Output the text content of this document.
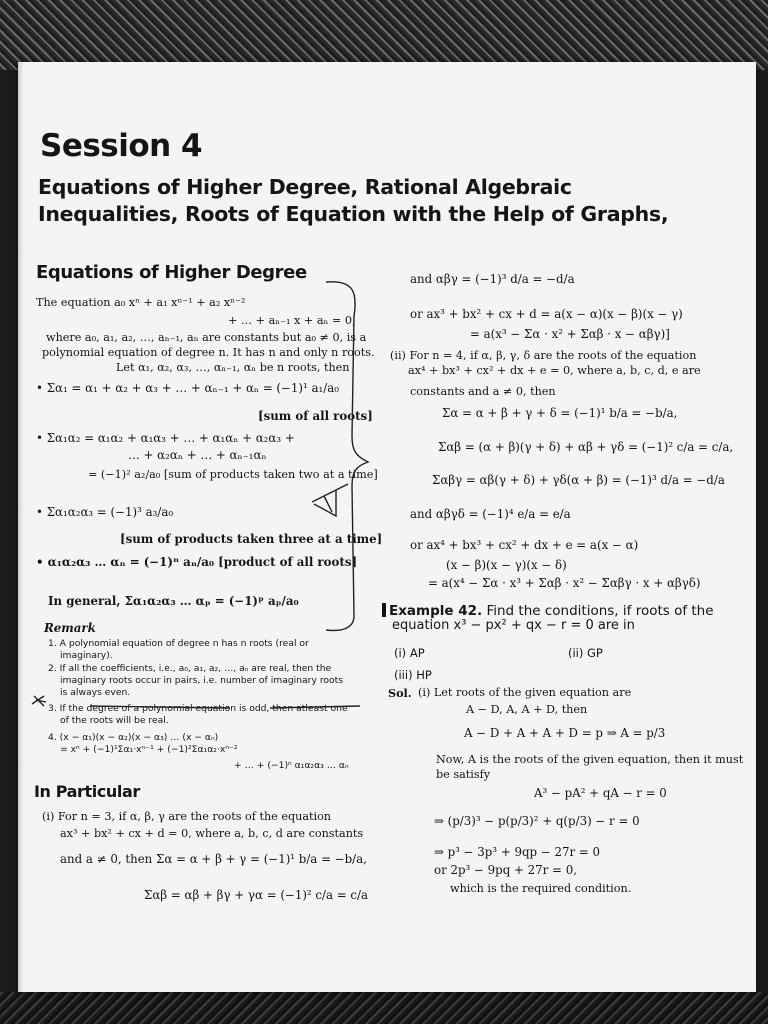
Session 4
Equations of Higher Degree, Rational Algebraic
Inequalities, Roots of Equation with the Help of Graphs,
Equations of Higher Degree
The equation a₀ xⁿ + a₁ xⁿ⁻¹ + a₂ xⁿ⁻²
+ … + aₙ₋₁ x + aₙ = 0,
where a₀, a₁, a₂, …, aₙ₋₁, aₙ are constants but a₀ ≠ 0, is a
polynomial equation of degree n. It has n and only n roots.
Let α₁, α₂, α₃, …, αₙ₋₁, αₙ be n roots, then
• Σα₁ = α₁ + α₂ + α₃ + … + αₙ₋₁ + αₙ = (−1)¹ a₁/a₀
[sum of all roots]
• Σα₁α₂ = α₁α₂ + α₁α₃ + … + α₁αₙ + α₂α₃ +
… + α₂αₙ + … + αₙ₋₁αₙ
= (−1)² a₂/a₀ [sum of products taken two at a time]
• Σα₁α₂α₃ = (−1)³ a₃/a₀
[sum of products taken three at a time]
• α₁α₂α₃ … αₙ = (−1)ⁿ aₙ/a₀ [product of all roots]
In general, Σα₁α₂α₃ … αₚ = (−1)ᵖ aₚ/a₀
Remark
1. A polynomial equation of degree n has n roots (real or
imaginary).
2. If all the coefficients, i.e., a₀, a₁, a₂, …, aₙ are real, then the
imaginary roots occur in pairs, i.e. number of imaginary roots
is always even.
3. If the degree of a polynomial equation is odd, then atleast one
of the roots will be real.
4. (x − α₁)(x − α₂)(x − α₃) … (x − αₙ)
= xⁿ + (−1)¹Σα₁·xⁿ⁻¹ + (−1)²Σα₁α₂·xⁿ⁻²
+ … + (−1)ⁿ α₁α₂α₃ … αₙ
In Particular
(i) For n = 3, if α, β, γ are the roots of the equation
ax³ + bx² + cx + d = 0, where a, b, c, d are constants
and a ≠ 0, then Σα = α + β + γ = (−1)¹ b/a = −b/a,
Σαβ = αβ + βγ + γα = (−1)² c/a = c/a
and αβγ = (−1)³ d/a = −d/a
or ax³ + bx² + cx + d = a(x − α)(x − β)(x − γ)
= a(x³ − Σα · x² + Σαβ · x − αβγ)]
(ii) For n = 4, if α, β, γ, δ are the roots of the equation
ax⁴ + bx³ + cx² + dx + e = 0, where a, b, c, d, e are
constants and a ≠ 0, then
Σα = α + β + γ + δ = (−1)¹ b/a = −b/a,
Σαβ = (α + β)(γ + δ) + αβ + γδ = (−1)² c/a = c/a,
Σαβγ = αβ(γ + δ) + γδ(α + β) = (−1)³ d/a = −d/a
and αβγδ = (−1)⁴ e/a = e/a
or ax⁴ + bx³ + cx² + dx + e = a(x − α)
(x − β)(x − γ)(x − δ)
= a(x⁴ − Σα · x³ + Σαβ · x² − Σαβγ · x + αβγδ)
Example 42. Find the conditions, if roots of the
equation x³ − px² + qx − r = 0 are in
(i) AP	(ii) GP
(iii) HP
Sol. (i) Let roots of the given equation are
A − D, A, A + D, then
A − D + A + A + D = p ⇒ A = p/3
Now, A is the roots of the given equation, then it must
be satisfy
A³ − pA² + qA − r = 0
⇒ (p/3)³ − p(p/3)² + q(p/3) − r = 0
⇒ p³ − 3p³ + 9qp − 27r = 0
or 2p³ − 9pq + 27r = 0,
which is the required condition.
